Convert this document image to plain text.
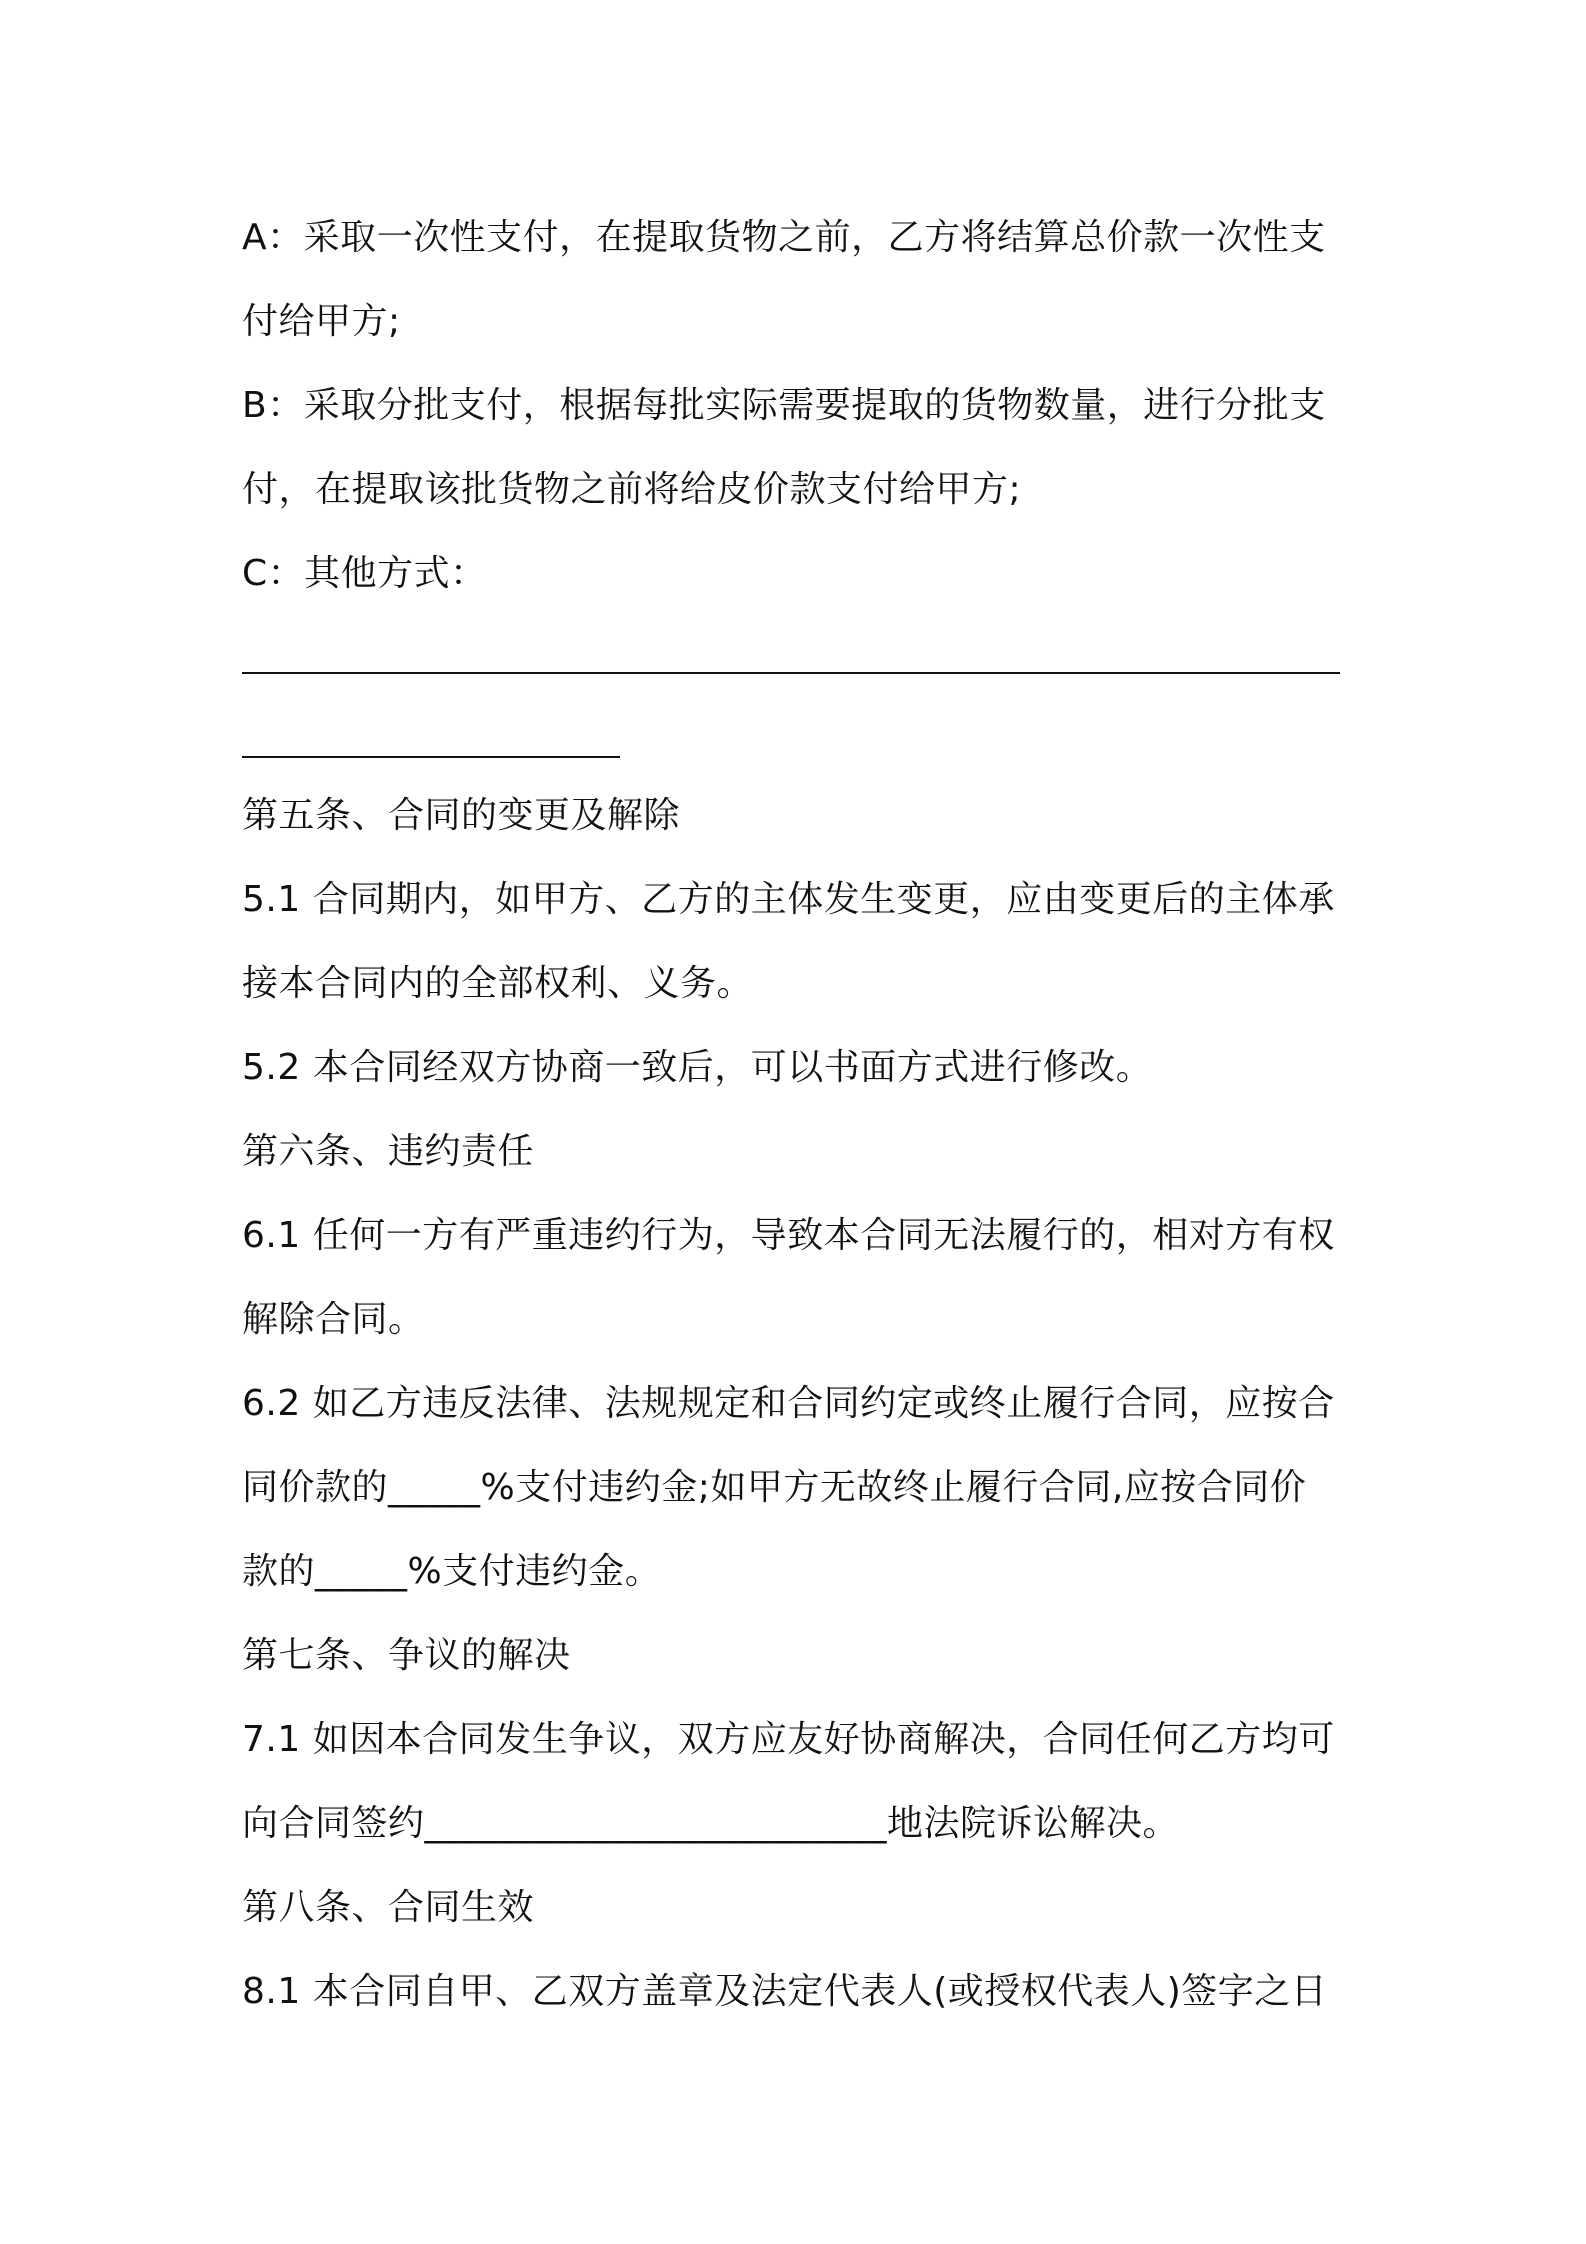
A：采取一次性支付，在提取货物之前，乙方将结算总价款一次性支
付给甲方;
B：采取分批支付，根据每批实际需要提取的货物数量，进行分批支
付，在提取该批货物之前将给皮价款支付给甲方;
C：其他方式：
第五条、合同的变更及解除
5.1 合同期内，如甲方、乙方的主体发生变更，应由变更后的主体承
接本合同内的全部权利、义务。
5.2 本合同经双方协商一致后，可以书面方式进行修改。
第六条、违约责任
6.1 任何一方有严重违约行为，导致本合同无法履行的，相对方有权
解除合同。
6.2 如乙方违反法律、法规规定和合同约定或终止履行合同，应按合
同价款的_____%支付违约金;如甲方无故终止履行合同,应按合同价
款的_____%支付违约金。
第七条、争议的解决
7.1 如因本合同发生争议，双方应友好协商解决，合同任何乙方均可
向合同签约_________________________地法院诉讼解决。
第八条、合同生效
8.1 本合同自甲、乙双方盖章及法定代表人(或授权代表人)签字之日
